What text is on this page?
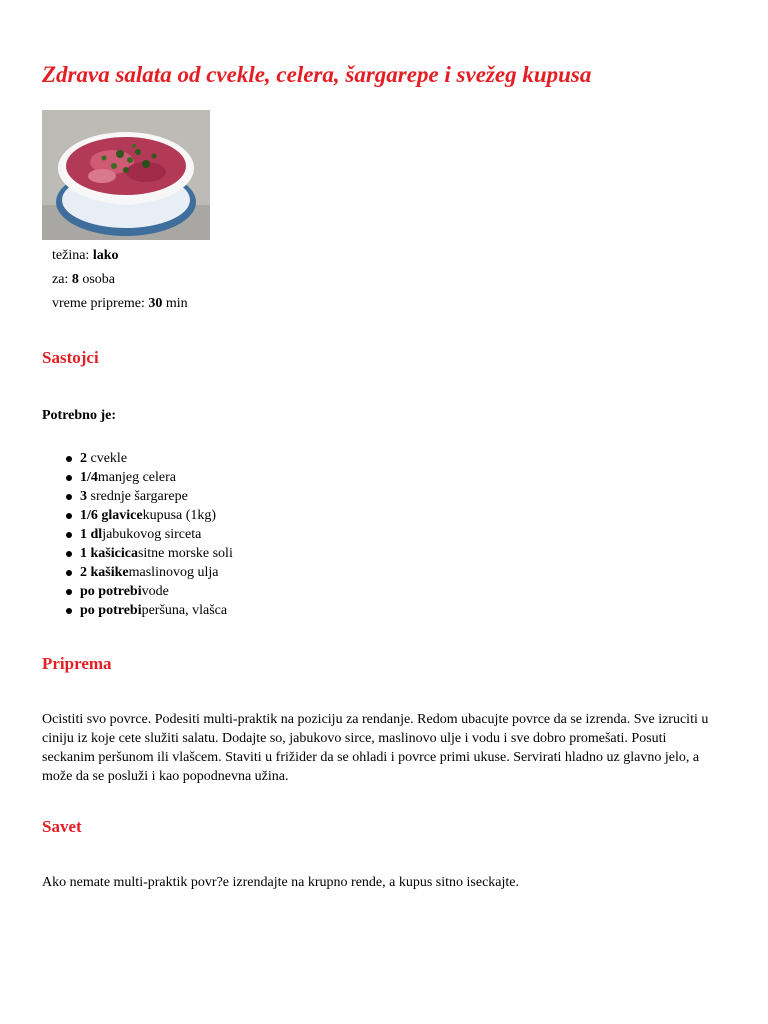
Zdrava salata od cvekle, celera, šargarepe i svežeg kupusa
težina: lako
za: 8 osoba
vreme pripreme: 30 min
Sastojci
Potrebno je:
2 cvekle
1/4manjeg celera
3 srednje šargarepe
1/6 glavicekupusa (1kg)
1 dljabukovog sirceta
1 kašicicasitne morske soli
2 kašikemaslinovog ulja
po potrebivode
po potrebiperšuna, vlašca
Priprema

Ocistiti svo povrce. Podesiti multi-praktik na poziciju za rendanje. Redom ubacujte povrce da se izrenda. Sve izruciti u ciniju iz koje cete služiti salatu. Dodajte so, jabukovo sirce, maslinovo ulje i vodu i sve dobro promešati. Posuti seckanim peršunom ili vlašcem. Staviti u frižider da se ohladi i povrce primi ukuse. Servirati hladno uz glavno jelo, a može da se posluži i kao popodnevna užina.

Savet

Ako nemate multi-praktik povr?e izrendajte na krupno rende, a kupus sitno iseckajte.
